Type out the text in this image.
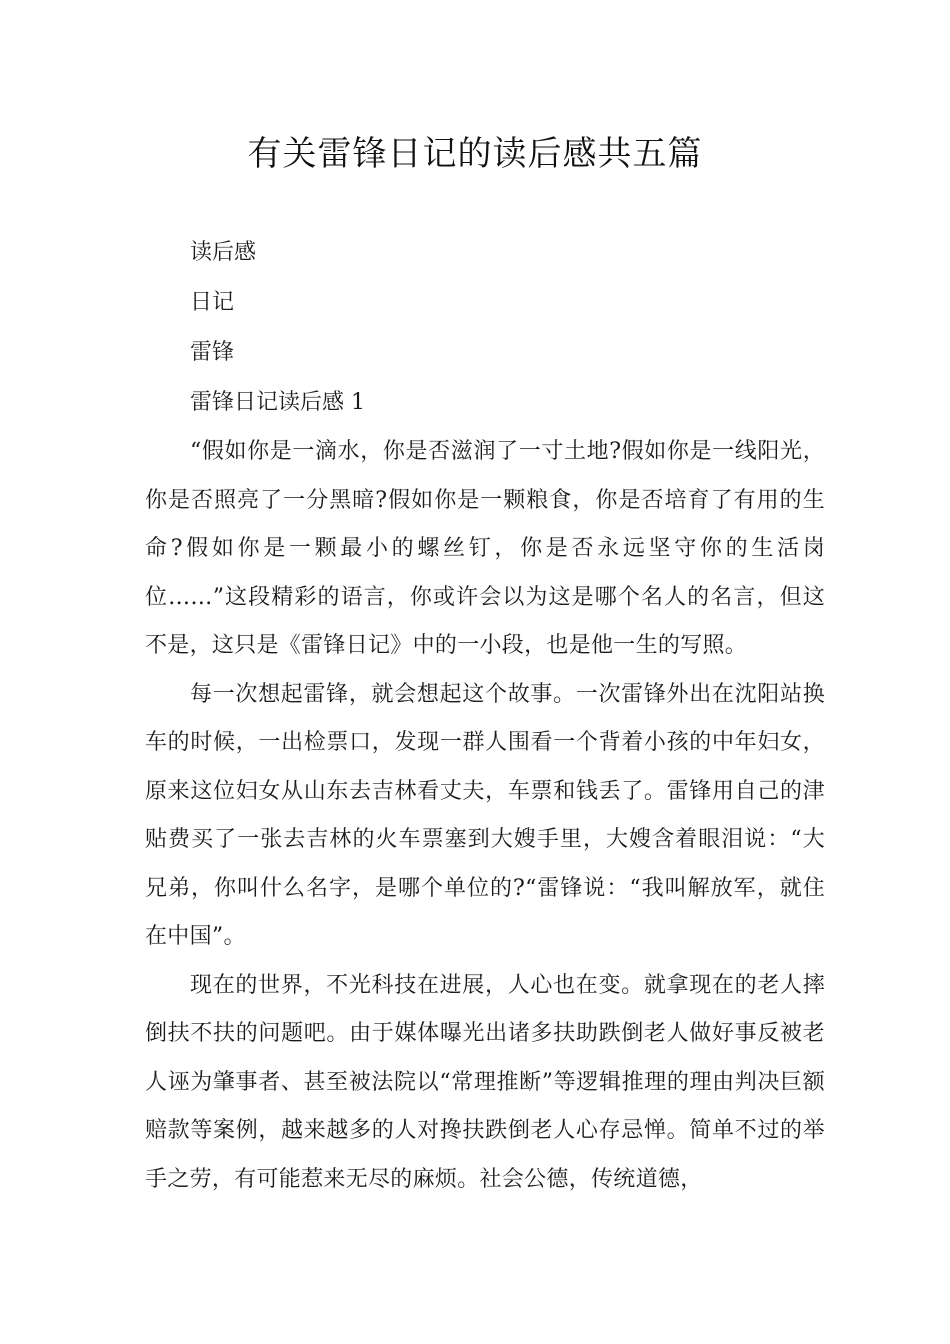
有关雷锋日记的读后感共五篇

读后感

日记

雷锋

雷锋日记读后感 1

“假如你是一滴水，你是否滋润了一寸土地?假如你是一线阳光，你是否照亮了一分黑暗?假如你是一颗粮食，你是否培育了有用的生命?假如你是一颗最小的螺丝钉，你是否永远坚守你的生活岗位……”这段精彩的语言，你或许会以为这是哪个名人的名言，但这不是，这只是《雷锋日记》中的一小段，也是他一生的写照。

每一次想起雷锋，就会想起这个故事。一次雷锋外出在沈阳站换车的时候，一出检票口，发现一群人围看一个背着小孩的中年妇女，原来这位妇女从山东去吉林看丈夫，车票和钱丢了。雷锋用自己的津贴费买了一张去吉林的火车票塞到大嫂手里，大嫂含着眼泪说：“大兄弟，你叫什么名字，是哪个单位的?“雷锋说：“我叫解放军，就住在中国”。

现在的世界，不光科技在进展，人心也在变。就拿现在的老人摔倒扶不扶的问题吧。由于媒体曝光出诸多扶助跌倒老人做好事反被老人诬为肇事者、甚至被法院以“常理推断”等逻辑推理的理由判决巨额赔款等案例，越来越多的人对搀扶跌倒老人心存忌惮。简单不过的举手之劳，有可能惹来无尽的麻烦。社会公德，传统道德，
